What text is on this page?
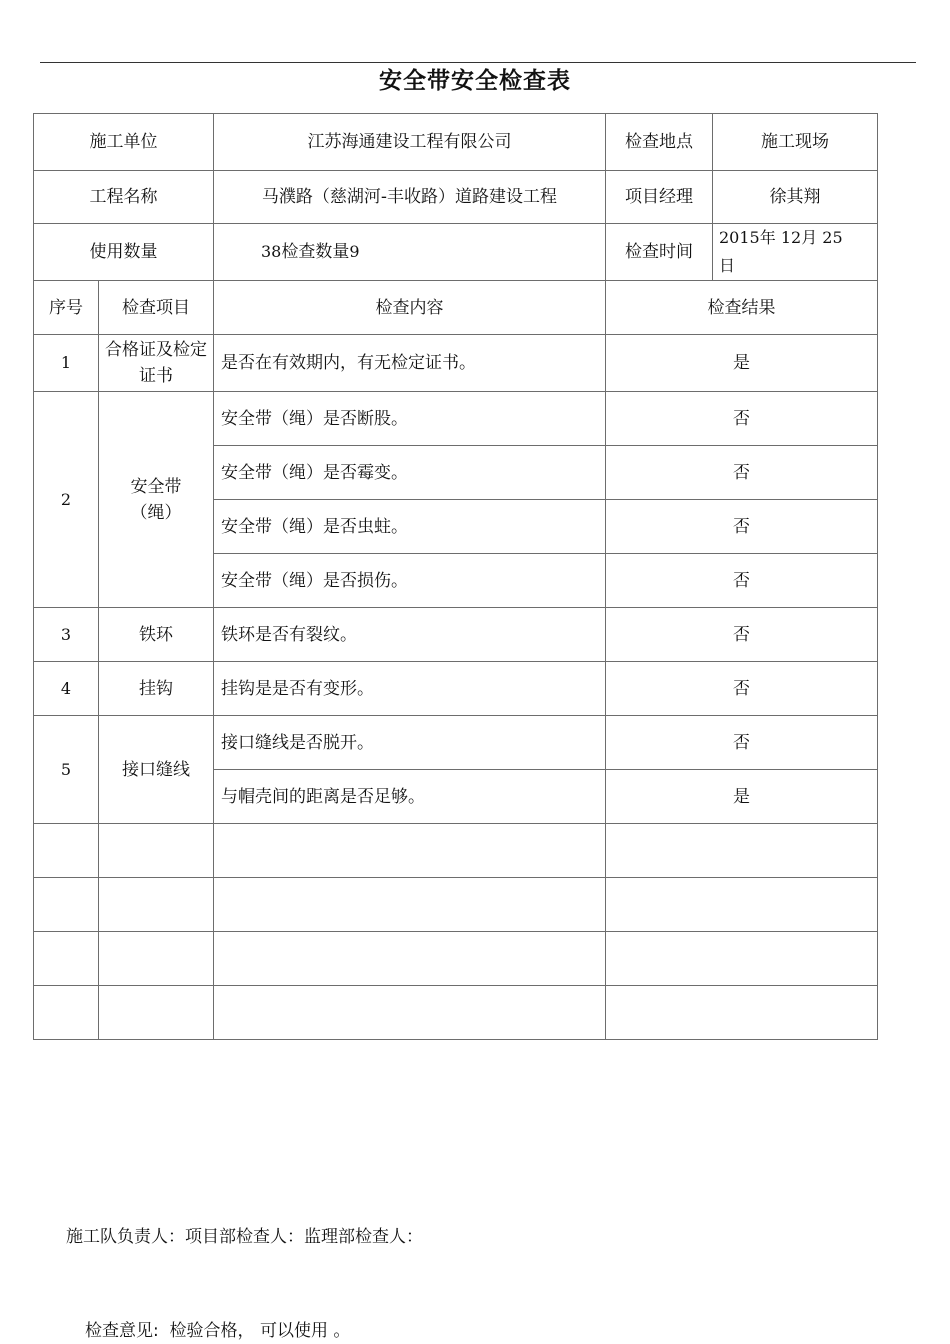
安全带安全检查表
施工单位		江苏海通建设工程有限公司	检查地点	施工现场
工程名称		马濮路（慈湖河-丰收路）道路建设工程	项目经理	徐其翔
使用数量		38检查数量9	检查时间	2015年 12月 25
日
序号	检查项目	检查内容	检查结果	
1	合格证及检定证书	是否在有效期内，有无检定证书。	是	
2	安全带（绳）	安全带（绳）是否断股。	否	
		安全带（绳）是否霉变。	否	
		安全带（绳）是否虫蛀。	否	
		安全带（绳）是否损伤。	否	
3	铁环	铁环是否有裂纹。	否	
4	挂钩	挂钩是是否有变形。	否	
5	接口缝线	接口缝线是否脱开。	否	
		与帽壳间的距离是否足够。	是	

施工队负责人：项目部检查人：监理部检查人：
检查意见: 检验合格， 可以使用 。
